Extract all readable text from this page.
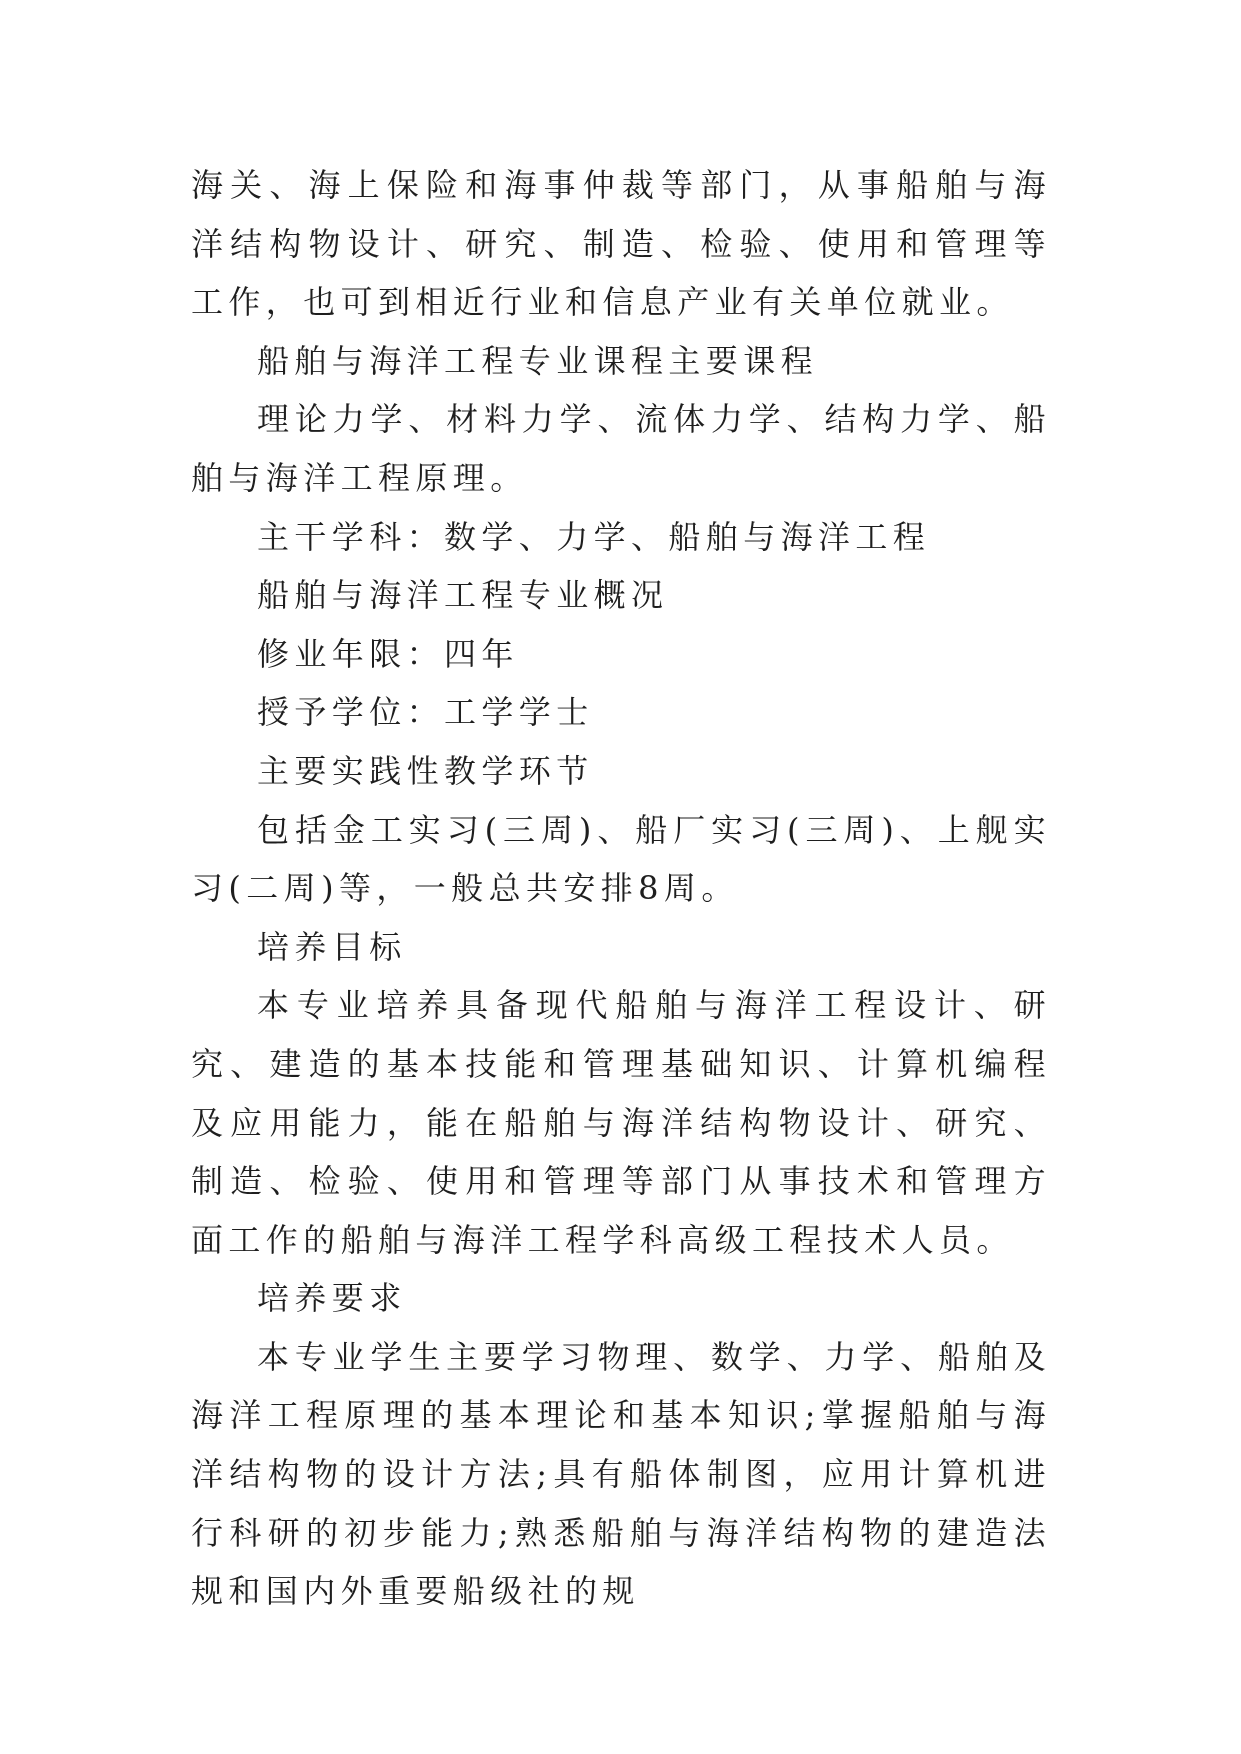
海关、海上保险和海事仲裁等部门，从事船舶与海洋结构物设计、研究、制造、检验、使用和管理等工作，也可到相近行业和信息产业有关单位就业。

船舶与海洋工程专业课程主要课程

理论力学、材料力学、流体力学、结构力学、船舶与海洋工程原理。

主干学科：数学、力学、船舶与海洋工程

船舶与海洋工程专业概况

修业年限：四年

授予学位：工学学士

主要实践性教学环节

包括金工实习(三周)、船厂实习(三周)、上舰实习(二周)等，一般总共安排8周。

培养目标

本专业培养具备现代船舶与海洋工程设计、研究、建造的基本技能和管理基础知识、计算机编程及应用能力，能在船舶与海洋结构物设计、研究、制造、检验、使用和管理等部门从事技术和管理方面工作的船舶与海洋工程学科高级工程技术人员。

培养要求

本专业学生主要学习物理、数学、力学、船舶及海洋工程原理的基本理论和基本知识;掌握船舶与海洋结构物的设计方法;具有船体制图，应用计算机进行科研的初步能力;熟悉船舶与海洋结构物的建造法规和国内外重要船级社的规
